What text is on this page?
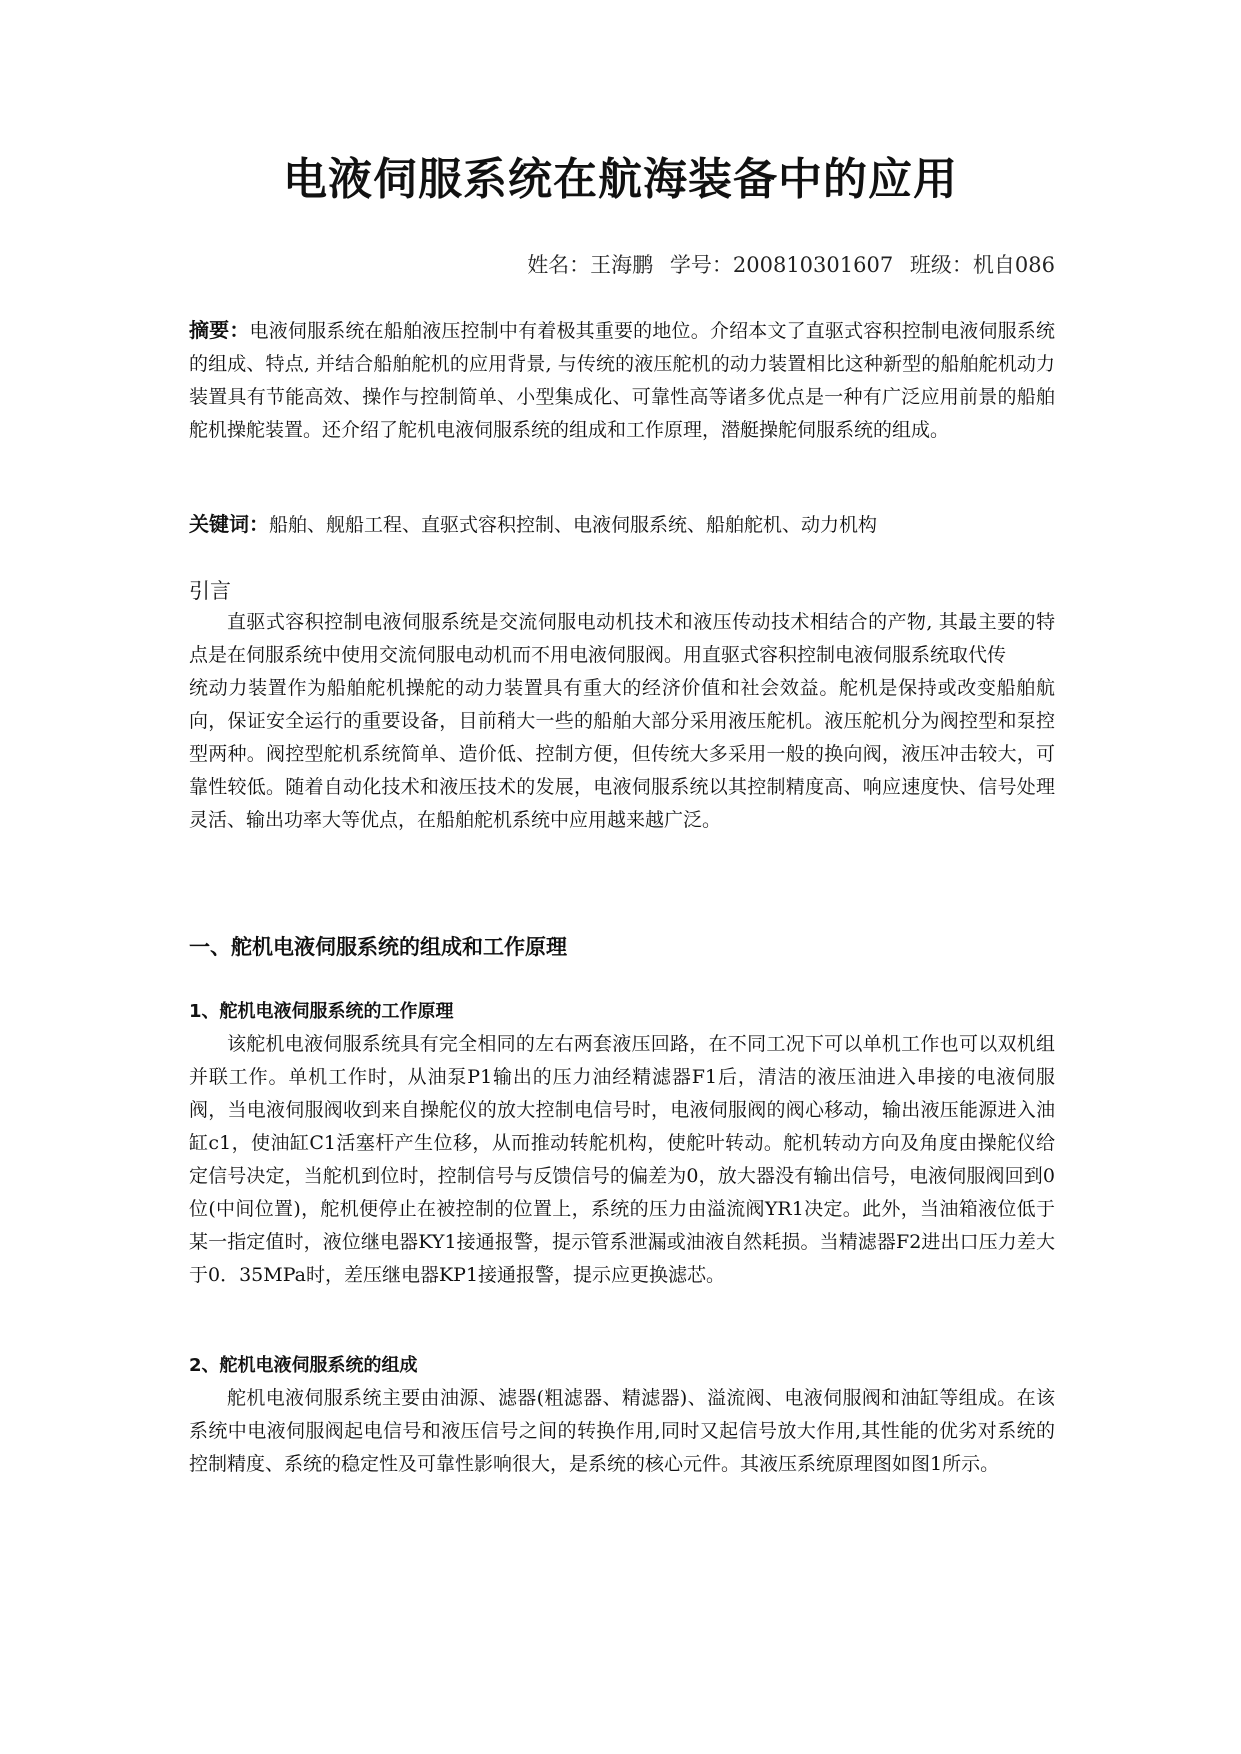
电液伺服系统在航海装备中的应用
姓名：王海鹏 学号：200810301607 班级：机自086

摘要：电液伺服系统在船舶液压控制中有着极其重要的地位。介绍本文了直驱式容积控制电液伺服系统的组成、特点, 并结合船舶舵机的应用背景, 与传统的液压舵机的动力装置相比这种新型的船舶舵机动力装置具有节能高效、操作与控制简单、小型集成化、可靠性高等诸多优点是一种有广泛应用前景的船舶舵机操舵装置。还介绍了舵机电液伺服系统的组成和工作原理，潜艇操舵伺服系统的组成。

关键词：船舶、舰船工程、直驱式容积控制、电液伺服系统、船舶舵机、动力机构

引言

直驱式容积控制电液伺服系统是交流伺服电动机技术和液压传动技术相结合的产物, 其最主要的特点是在伺服系统中使用交流伺服电动机而不用电液伺服阀。用直驱式容积控制电液伺服系统取代传

统动力装置作为船舶舵机操舵的动力装置具有重大的经济价值和社会效益。舵机是保持或改变船舶航向，保证安全运行的重要设备，目前稍大一些的船舶大部分采用液压舵机。液压舵机分为阀控型和泵控型两种。阀控型舵机系统简单、造价低、控制方便，但传统大多采用一般的换向阀，液压冲击较大，可靠性较低。随着自动化技术和液压技术的发展，电液伺服系统以其控制精度高、响应速度快、信号处理灵活、输出功率大等优点，在船舶舵机系统中应用越来越广泛。

一、舵机电液伺服系统的组成和工作原理
1、舵机电液伺服系统的工作原理

该舵机电液伺服系统具有完全相同的左右两套液压回路，在不同工况下可以单机工作也可以双机组并联工作。单机工作时，从油泵P1输出的压力油经精滤器F1后，清洁的液压油进入串接的电液伺服阀，当电液伺服阀收到来自操舵仪的放大控制电信号时，电液伺服阀的阀心移动，输出液压能源进入油缸c1，使油缸C1活塞杆产生位移，从而推动转舵机构，使舵叶转动。舵机转动方向及角度由操舵仪给定信号决定，当舵机到位时，控制信号与反馈信号的偏差为0，放大器没有输出信号，电液伺服阀回到0位(中间位置)，舵机便停止在被控制的位置上，系统的压力由溢流阀YR1决定。此外，当油箱液位低于某一指定值时，液位继电器KY1接通报警，提示管系泄漏或油液自然耗损。当精滤器F2进出口压力差大于0．35MPa时，差压继电器KP1接通报警，提示应更换滤芯。

2、舵机电液伺服系统的组成

舵机电液伺服系统主要由油源、滤器(粗滤器、精滤器)、溢流阀、电液伺服阀和油缸等组成。在该系统中电液伺服阀起电信号和液压信号之间的转换作用,同时又起信号放大作用,其性能的优劣对系统的控制精度、系统的稳定性及可靠性影响很大，是系统的核心元件。其液压系统原理图如图1所示。
